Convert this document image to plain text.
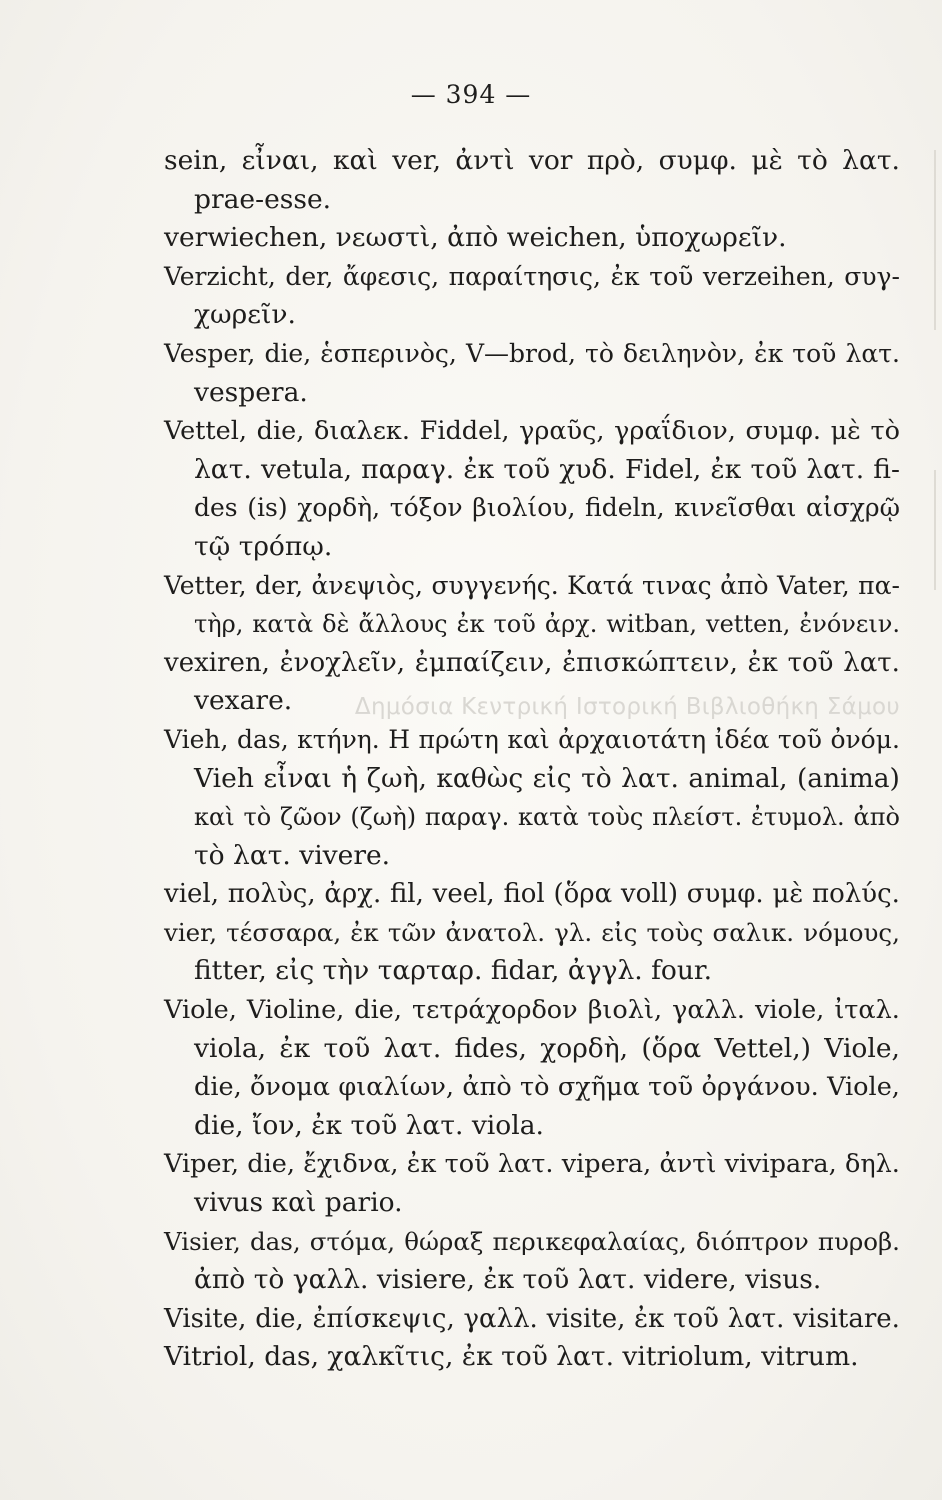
— 394 —
sein, εἶναι, καὶ ver, ἀντὶ vor πρὸ, συμφ. μὲ τὸ λατ.
prae-esse.
verwiechen, νεωστὶ, ἀπὸ weichen, ὑποχωρεῖν.
Verzicht, der, ἄφεσις, παραίτησις, ἐκ τοῦ verzeihen, συγ-
χωρεῖν.
Vesper, die, ἑσπερινὸς, V—brod, τὸ δειληνὸν, ἐκ τοῦ λατ.
vespera.
Vettel, die, διαλεκ. Fiddel, γραῦς, γραΐδιον, συμφ. μὲ τὸ
λατ. vetula, παραγ. ἐκ τοῦ χυδ. Fidel, ἐκ τοῦ λατ. fi-
des (is) χορδὴ, τόξον βιολίου, fideln, κινεῖσθαι αἰσχρῷ
τῷ τρόπῳ.
Vetter, der, ἀνεψιὸς, συγγενής. Κατά τινας ἀπὸ Vater, πα-
τὴρ, κατὰ δὲ ἄλλους ἐκ τοῦ ἀρχ. witban, vetten, ἐνόνειν.
vexiren, ἐνοχλεῖν, ἐμπαίζειν, ἐπισκώπτειν, ἐκ τοῦ λατ.
vexare.
Vieh, das, κτήνη. Η πρώτη καὶ ἀρχαιοτάτη ἰδέα τοῦ ὀνόμ.
Vieh εἶναι ἡ ζωὴ, καθὼς εἰς τὸ λατ. animal, (anima)
καὶ τὸ ζῶον (ζωὴ) παραγ. κατὰ τοὺς πλείστ. ἐτυμολ. ἀπὸ
τὸ λατ. vivere.
viel, πολὺς, ἀρχ. fil, veel, fiol (ὅρα voll) συμφ. μὲ πολύς.
vier, τέσσαρα, ἐκ τῶν ἀνατολ. γλ. εἰς τοὺς σαλικ. νόμους,
fitter, εἰς τὴν ταρταρ. fidar, ἀγγλ. four.
Viole, Violine, die, τετράχορδον βιολὶ, γαλλ. viole, ἰταλ.
viola, ἐκ τοῦ λατ. fides, χορδὴ, (ὅρα Vettel,) Viole,
die, ὄνομα φιαλίων, ἀπὸ τὸ σχῆμα τοῦ ὀργάνου. Viole,
die, ἴον, ἐκ τοῦ λατ. viola.
Viper, die, ἔχιδνα, ἐκ τοῦ λατ. vipera, ἀντὶ vivipara, δηλ.
vivus καὶ pario.
Visier, das, στόμα, θώραξ περικεφαλαίας, διόπτρον πυροβ.
ἀπὸ τὸ γαλλ. visiere, ἐκ τοῦ λατ. videre, visus.
Visite, die, ἐπίσκεψις, γαλλ. visite, ἐκ τοῦ λατ. visitare.
Vitriol, das, χαλκῖτις, ἐκ τοῦ λατ. vitriolum, vitrum.
Δημόσια Κεντρική Ιστορική Βιβλιοθήκη Σάμου
